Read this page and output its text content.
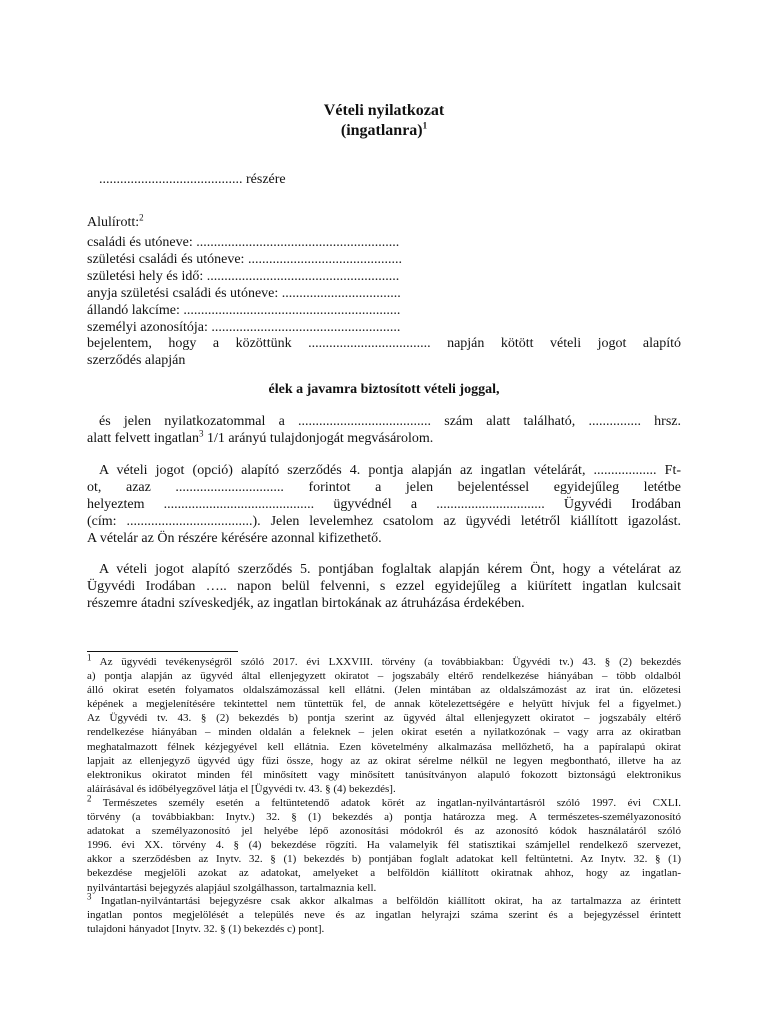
Vételi nyilatkozat
(ingatlanra)$^1$
......................................... részére
Alulírott:$^2$
családi és utóneve: ..........................................................
születési családi és utóneve: ............................................
születési hely és idő: .......................................................
anyja születési családi és utóneve: ..................................
állandó lakcíme: ..............................................................
személyi azonosítója: ......................................................
bejelentem, hogy a közöttünk ................................... napján kötött vételi jogot alapító
szerződés alapján
élek a javamra biztosított vételi joggal,
és jelen nyilatkozatommal a ...................................... szám alatt található, ............... hrsz.
alatt felvett ingatlan$^3$ 1/1 arányú tulajdonjogát megvásárolom.
A vételi jogot (opció) alapító szerződés 4. pontja alapján az ingatlan vételárát, .................. Ft-
ot, azaz ............................... forintot a jelen bejelentéssel egyidejűleg letétbe
helyeztem ........................................... ügyvédnél a ............................... Ügyvédi Irodában
(cím: ....................................). Jelen levelemhez csatolom az ügyvédi letétről kiállított igazolást.
A vételár az Ön részére kérésére azonnal kifizethető.
A vételi jogot alapító szerződés 5. pontjában foglaltak alapján kérem Önt, hogy a vételárat az
Ügyvédi Irodában ….. napon belül felvenni, s ezzel egyidejűleg a kiürített ingatlan kulcsait
részemre átadni szíveskedjék, az ingatlan birtokának az átruházása érdekében.
$^1$ Az ügyvédi tevékenységről szóló 2017. évi LXXVIII. törvény (a továbbiakban: Ügyvédi tv.) 43. § (2) bekezdés
a) pontja alapján az ügyvéd által ellenjegyzett okiratot – jogszabály eltérő rendelkezése hiányában – több oldalból
álló okirat esetén folyamatos oldalszámozással kell ellátni. (Jelen mintában az oldalszámozást az irat ún. előzetesi
képének a megjelenítésére tekintettel nem tüntettük fel, de annak kötelezettségére e helyütt hívjuk fel a figyelmet.)
Az Ügyvédi tv. 43. § (2) bekezdés b) pontja szerint az ügyvéd által ellenjegyzett okiratot – jogszabály eltérő
rendelkezése hiányában – minden oldalán a feleknek – jelen okirat esetén a nyilatkozónak – vagy arra az okiratban
meghatalmazott félnek kézjegyével kell ellátnia. Ezen követelmény alkalmazása mellőzhető, ha a papíralapú okirat
lapjait az ellenjegyző ügyvéd úgy fűzi össze, hogy az az okirat sérelme nélkül ne legyen megbontható, illetve ha az
elektronikus okiratot minden fél minősített vagy minősített tanúsítványon alapuló fokozott biztonságú elektronikus
aláírásával és időbélyegzővel látja el [Ügyvédi tv. 43. § (4) bekezdés].
$^2$ Természetes személy esetén a feltüntetendő adatok körét az ingatlan-nyilvántartásról szóló 1997. évi CXLI.
törvény (a továbbiakban: Inytv.) 32. § (1) bekezdés a) pontja határozza meg. A természetes-személyazonosító
adatokat a személyazonosító jel helyébe lépő azonosítási módokról és az azonosító kódok használatáról szóló
1996. évi XX. törvény 4. § (4) bekezdése rögzíti. Ha valamelyik fél statisztikai számjellel rendelkező szervezet,
akkor a szerződésben az Inytv. 32. § (1) bekezdés b) pontjában foglalt adatokat kell feltüntetni. Az Inytv. 32. § (1)
bekezdése megjelöli azokat az adatokat, amelyeket a belföldön kiállított okiratnak ahhoz, hogy az ingatlan-
nyilvántartási bejegyzés alapjául szolgálhasson, tartalmaznia kell.
$^3$ Ingatlan-nyilvántartási bejegyzésre csak akkor alkalmas a belföldön kiállított okirat, ha az tartalmazza az érintett
ingatlan pontos megjelölését a település neve és az ingatlan helyrajzi száma szerint és a bejegyzéssel érintett
tulajdoni hányadot [Inytv. 32. § (1) bekezdés c) pont].
